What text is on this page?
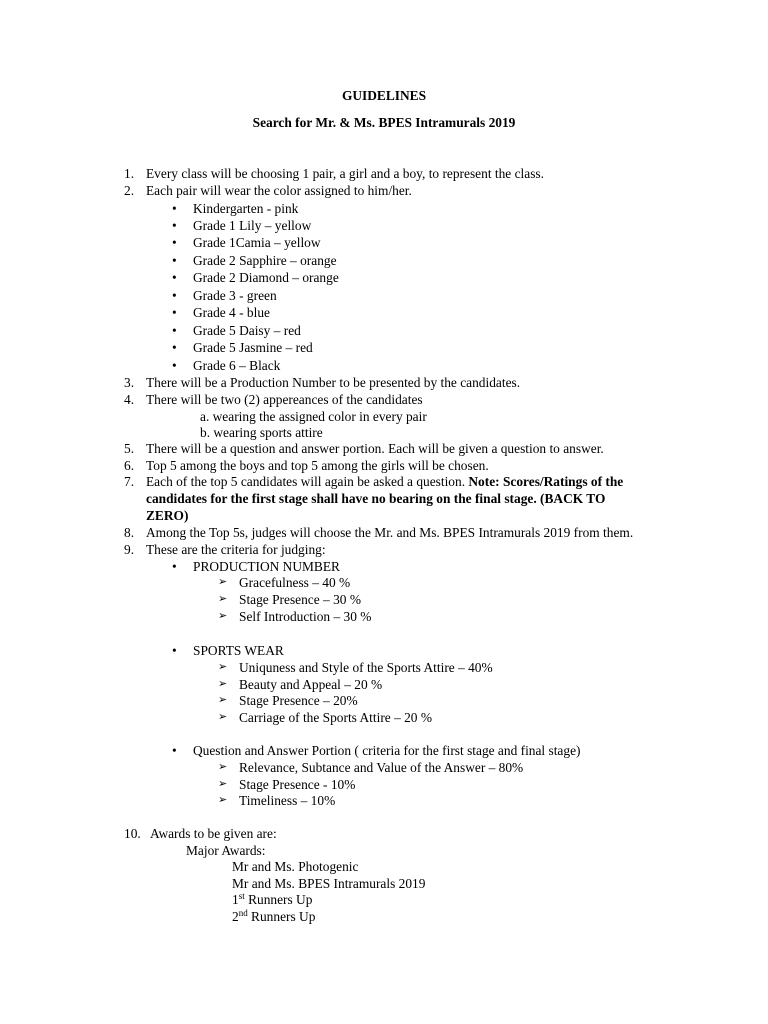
GUIDELINES
Search for Mr. & Ms. BPES Intramurals 2019
1. Every class will be choosing 1 pair, a girl and a boy, to represent the class.
2. Each pair will wear the color assigned to him/her.
• Kindergarten - pink
• Grade 1 Lily – yellow
• Grade 1Camia – yellow
• Grade 2 Sapphire – orange
• Grade 2 Diamond – orange
• Grade 3 - green
• Grade 4 - blue
• Grade 5 Daisy – red
• Grade 5 Jasmine – red
• Grade 6 – Black
3. There will be a Production Number to be presented by the candidates.
4. There will be two (2) appereances of the candidates
a. wearing the assigned color in every pair
b. wearing sports attire
5. There will be a question and answer portion. Each will be given a question to answer.
6. Top 5 among the boys and top 5 among the girls will be chosen.
7. Each of the top 5 candidates will again be asked a question. Note: Scores/Ratings of the
candidates for the first stage shall have no bearing on the final stage. (BACK TO
ZERO)
8. Among the Top 5s, judges will choose the Mr. and Ms. BPES Intramurals 2019 from them.
9. These are the criteria for judging:
• PRODUCTION NUMBER
➢ Gracefulness – 40 %
➢ Stage Presence – 30 %
➢ Self Introduction – 30 %
• SPORTS WEAR
➢ Uniquness and Style of the Sports Attire – 40%
➢ Beauty and Appeal – 20 %
➢ Stage Presence – 20%
➢ Carriage of the Sports Attire – 20 %
• Question and Answer Portion ( criteria for the first stage and final stage)
➢ Relevance, Subtance and Value of the Answer – 80%
➢ Stage Presence - 10%
➢ Timeliness – 10%
10. Awards to be given are:
Major Awards:
Mr and Ms. Photogenic
Mr and Ms. BPES Intramurals 2019
1st Runners Up
2nd Runners Up
